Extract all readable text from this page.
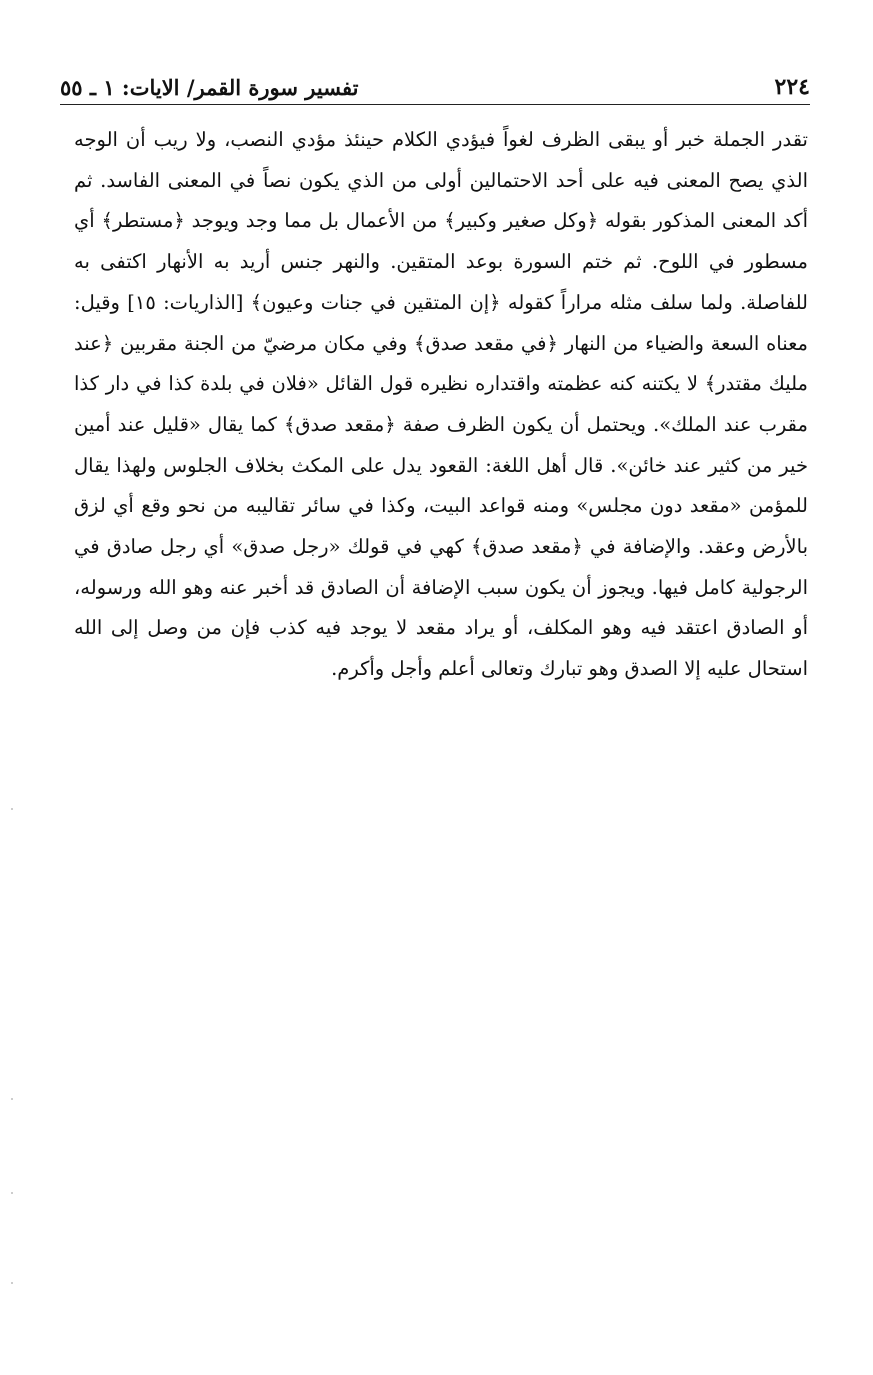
٢٢٤
تفسير سورة القمر/ الايات: ١ ـ ٥٥

تقدر الجملة خبر أو يبقى الظرف لغواً فيؤدي الكلام حينئذ مؤدي النصب، ولا ريب أن الوجه الذي يصح المعنى فيه على أحد الاحتمالين أولى من الذي يكون نصاً في المعنى الفاسد. ثم أكد المعنى المذكور بقوله ﴿وكل صغير وكبير﴾ من الأعمال بل مما وجد ويوجد ﴿مستطر﴾ أي مسطور في اللوح. ثم ختم السورة بوعد المتقين. والنهر جنس أريد به الأنهار اكتفى به للفاصلة. ولما سلف مثله مراراً كقوله ﴿إن المتقين في جنات وعيون﴾ [الذاريات: ١٥] وقيل: معناه السعة والضياء من النهار ﴿في مقعد صدق﴾ وفي مكان مرضيّ من الجنة مقربين ﴿عند مليك مقتدر﴾ لا يكتنه كنه عظمته واقتداره نظيره قول القائل «فلان في بلدة كذا في دار كذا مقرب عند الملك». ويحتمل أن يكون الظرف صفة ﴿مقعد صدق﴾ كما يقال «قليل عند أمين خير من كثير عند خائن». قال أهل اللغة: القعود يدل على المكث بخلاف الجلوس ولهذا يقال للمؤمن «مقعد دون مجلس» ومنه قواعد البيت، وكذا في سائر تقاليبه من نحو وقع أي لزق بالأرض وعقد. والإضافة في ﴿مقعد صدق﴾ كهي في قولك «رجل صدق» أي رجل صادق في الرجولية كامل فيها. ويجوز أن يكون سبب الإضافة أن الصادق قد أخبر عنه وهو الله ورسوله، أو الصادق اعتقد فيه وهو المكلف، أو يراد مقعد لا يوجد فيه كذب فإن من وصل إلى الله استحال عليه إلا الصدق وهو تبارك وتعالى أعلم وأجل وأكرم.
